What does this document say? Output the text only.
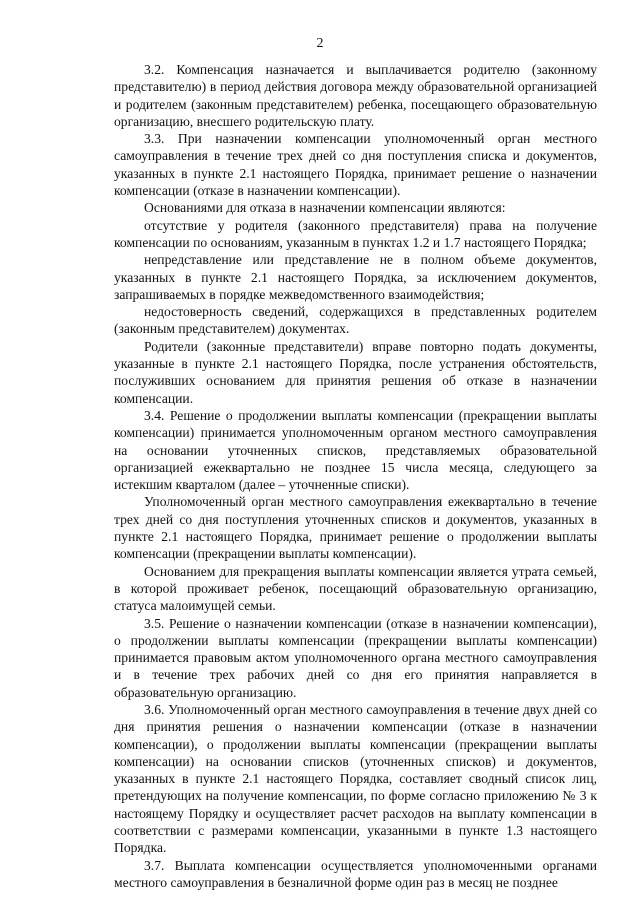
2

3.2. Компенсация назначается и выплачивается родителю (законному представителю) в период действия договора между образовательной организацией и родителем (законным представителем) ребенка, посещающего образовательную организацию, внесшего родительскую плату.

3.3. При назначении компенсации уполномоченный орган местного самоуправления в течение трех дней со дня поступления списка и документов, указанных в пункте 2.1 настоящего Порядка, принимает решение о назначении компенсации (отказе в назначении компенсации).

Основаниями для отказа в назначении компенсации являются:

отсутствие у родителя (законного представителя) права на получение компенсации по основаниям, указанным в пунктах 1.2 и 1.7 настоящего Порядка;

непредставление или представление не в полном объеме документов, указанных в пункте 2.1 настоящего Порядка, за исключением документов, запрашиваемых в порядке межведомственного взаимодействия;

недостоверность сведений, содержащихся в представленных родителем (законным представителем) документах.

Родители (законные представители) вправе повторно подать документы, указанные в пункте 2.1 настоящего Порядка, после устранения обстоятельств, послуживших основанием для принятия решения об отказе в назначении компенсации.

3.4. Решение о продолжении выплаты компенсации (прекращении выплаты компенсации) принимается уполномоченным органом местного самоуправления на основании уточненных списков, представляемых образовательной организацией ежеквартально не позднее 15 числа месяца, следующего за истекшим кварталом (далее – уточненные списки).

Уполномоченный орган местного самоуправления ежеквартально в течение трех дней со дня поступления уточненных списков и документов, указанных в пункте 2.1 настоящего Порядка, принимает решение о продолжении выплаты компенсации (прекращении выплаты компенсации).

Основанием для прекращения выплаты компенсации является утрата семьей, в которой проживает ребенок, посещающий образовательную организацию, статуса малоимущей семьи.

3.5. Решение о назначении компенсации (отказе в назначении компенсации), о продолжении выплаты компенсации (прекращении выплаты компенсации) принимается правовым актом уполномоченного органа местного самоуправления и в течение трех рабочих дней со дня его принятия направляется в образовательную организацию.

3.6. Уполномоченный орган местного самоуправления в течение двух дней со дня принятия решения о назначении компенсации (отказе в назначении компенсации), о продолжении выплаты компенсации (прекращении выплаты компенсации) на основании списков (уточненных списков) и документов, указанных в пункте 2.1 настоящего Порядка, составляет сводный список лиц, претендующих на получение компенсации, по форме согласно приложению № 3 к настоящему Порядку и осуществляет расчет расходов на выплату компенсации в соответствии с размерами компенсации, указанными в пункте 1.3 настоящего Порядка.

3.7. Выплата компенсации осуществляется уполномоченными органами местного самоуправления в безналичной форме один раз в месяц не позднее
